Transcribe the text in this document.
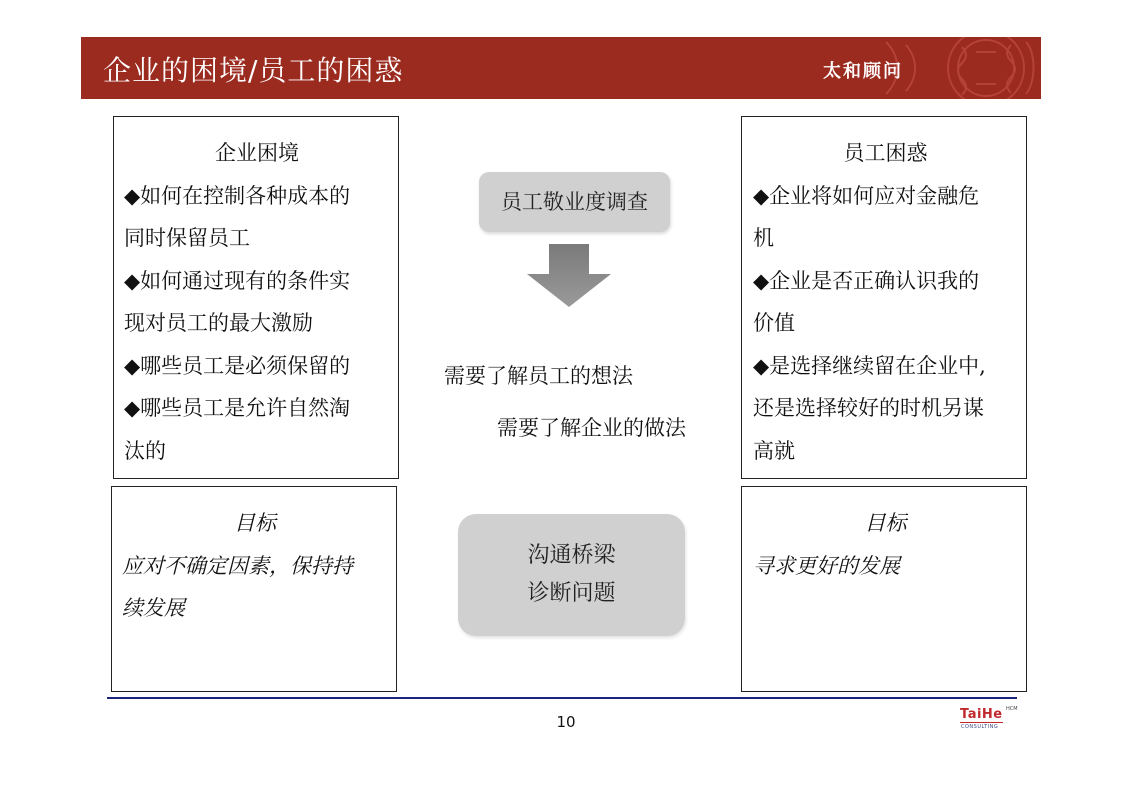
企业的困境/员工的困惑	太和顾问
企业困境
◆如何在控制各种成本的
同时保留员工
◆如何通过现有的条件实
现对员工的最大激励
◆哪些员工是必须保留的
◆哪些员工是允许自然淘
汰的
员工困惑
◆企业将如何应对金融危
机
◆企业是否正确认识我的
价值
◆是选择继续留在企业中,
还是选择较好的时机另谋
高就
目标
应对不确定因素，保持持
续发展
目标
寻求更好的发展
员工敬业度调查
需要了解员工的想法
需要了解企业的做法
沟通桥梁
诊断问题
10	TaiHe HCM
CONSULTING
